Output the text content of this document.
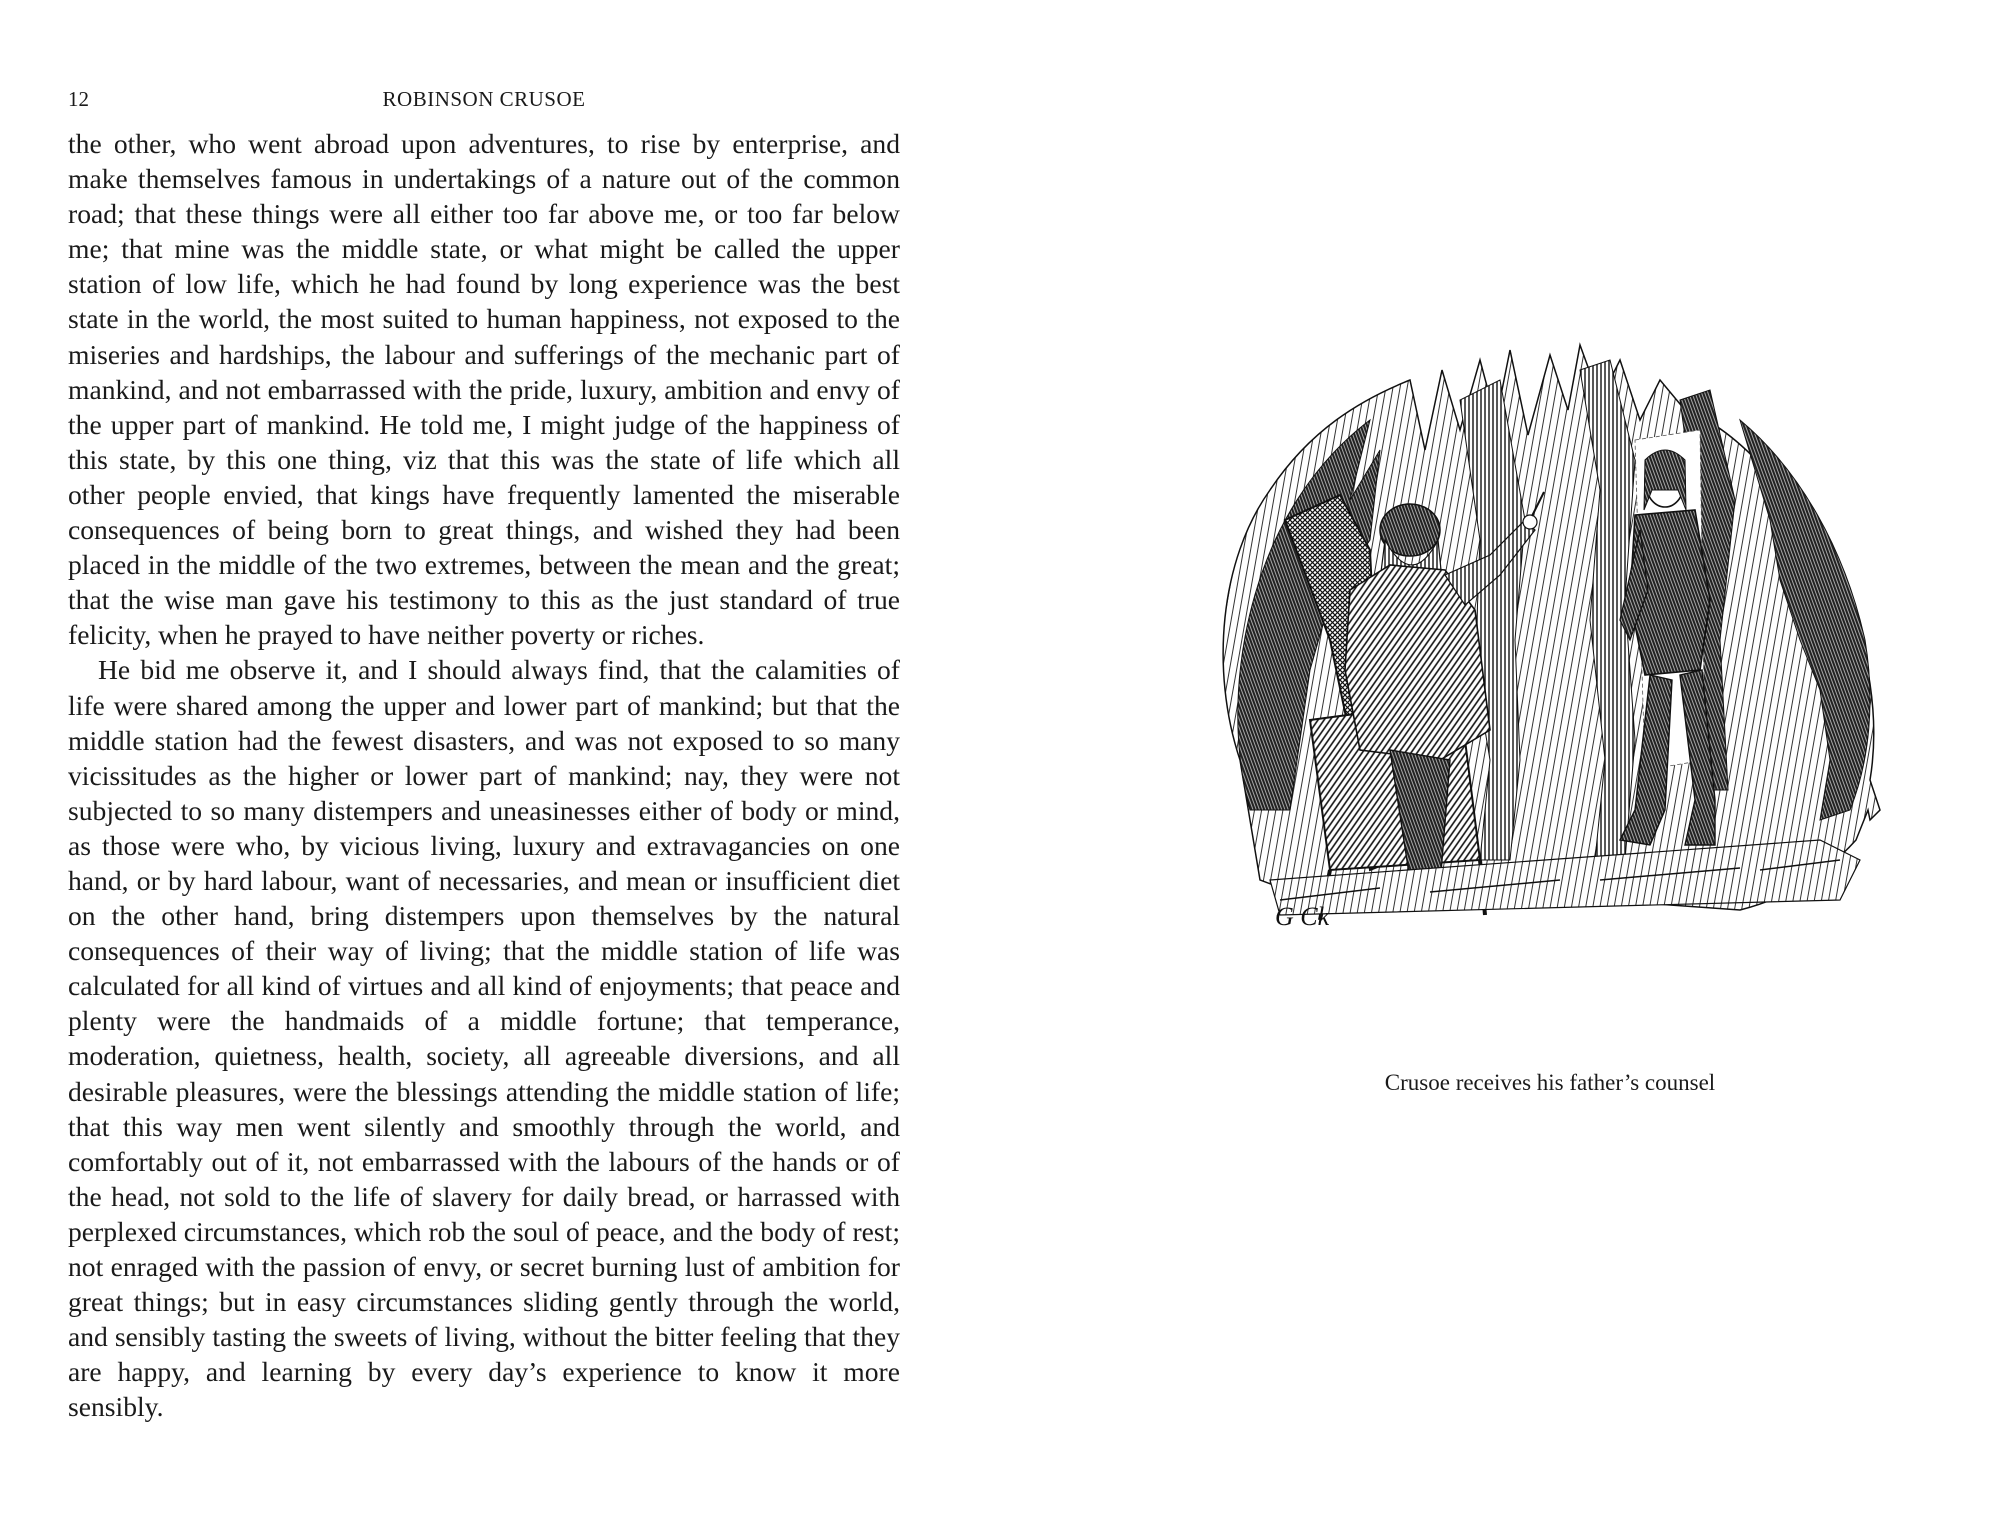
12	ROBINSON CRUSOE

the other, who went abroad upon adventures, to rise by enterprise, and make themselves famous in undertakings of a nature out of the common road; that these things were all either too far above me, or too far below me; that mine was the middle state, or what might be called the upper station of low life, which he had found by long experience was the best state in the world, the most suited to human happiness, not exposed to the miseries and hardships, the labour and sufferings of the mechanic part of mankind, and not embarrassed with the pride, luxury, ambition and envy of the upper part of mankind. He told me, I might judge of the happiness of this state, by this one thing, viz that this was the state of life which all other people envied, that kings have frequently lamented the miserable consequences of being born to great things, and wished they had been placed in the middle of the two extremes, between the mean and the great; that the wise man gave his testimony to this as the just standard of true felicity, when he prayed to have neither poverty or riches.

He bid me observe it, and I should always find, that the calamities of life were shared among the upper and lower part of mankind; but that the middle station had the fewest disasters, and was not exposed to so many vicissitudes as the higher or lower part of mankind; nay, they were not subjected to so many distempers and uneasinesses either of body or mind, as those were who, by vicious living, luxury and extravagancies on one hand, or by hard labour, want of necessaries, and mean or insufficient diet on the other hand, bring distempers upon themselves by the natural consequences of their way of living; that the middle station of life was calculated for all kind of virtues and all kind of enjoyments; that peace and plenty were the handmaids of a middle fortune; that temperance, moderation, quietness, health, society, all agreeable diversions, and all desirable pleasures, were the blessings attending the middle station of life; that this way men went silently and smoothly through the world, and comfortably out of it, not embarrassed with the labours of the hands or of the head, not sold to the life of slavery for daily bread, or harrassed with perplexed circumstances, which rob the soul of peace, and the body of rest; not enraged with the passion of envy, or secret burning lust of ambition for great things; but in easy circumstances sliding gently through the world, and sensibly tasting the sweets of living, without the bitter feeling that they are happy, and learning by every day’s experience to know it more sensibly.

G Ck
Crusoe receives his father’s counsel
